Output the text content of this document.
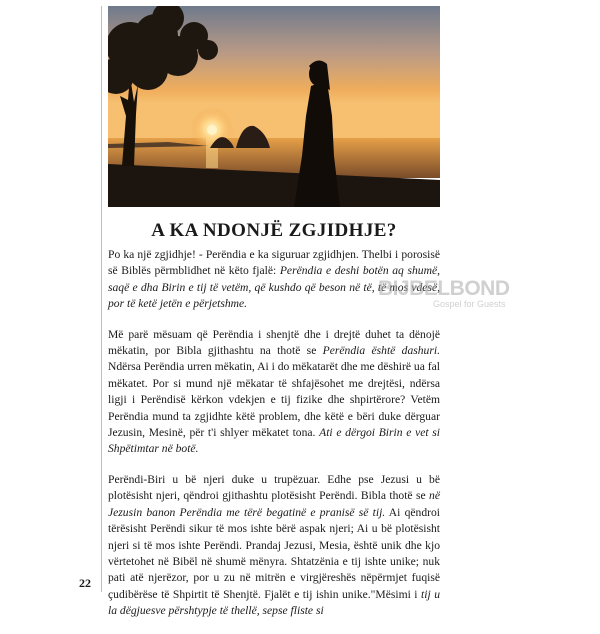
A KA NDONJË ZGJIDHJE?

Po ka një zgjidhje! - Perëndia e ka siguruar zgjidhjen. Thelbi i porosisë së Biblës përmblidhet në këto fjalë: Perëndia e deshi botën aq shumë, saqë e dha Birin e tij të vetëm, që kushdo që beson në të, të mos vdesë, por të ketë jetën e përjetshme.

Më parë mësuam që Perëndia i shenjtë dhe i drejtë duhet ta dënojë mëkatin, por Bibla gjithashtu na thotë se Perëndia është dashuri. Ndërsa Perëndia urren mëkatin, Ai i do mëkatarët dhe me dëshirë ua fal mëkatet. Por si mund një mëkatar të shfajësohet me drejtësi, ndërsa ligji i Perëndisë kërkon vdekjen e tij fizike dhe shpirtërore? Vetëm Perëndia mund ta zgjidhte këtë problem, dhe këtë e bëri duke dërguar Jezusin, Mesinë, për t'i shlyer mëkatet tona. Ati e dërgoi Birin e vet si Shpëtimtar në botë.

Perëndi-Biri u bë njeri duke u trupëzuar. Edhe pse Jezusi u bë plotësisht njeri, qëndroi gjithashtu plotësisht Perëndi. Bibla thotë se në Jezusin banon Perëndia me tërë begatinë e pranisë së tij. Ai qëndroi tërësisht Perëndi sikur të mos ishte bërë aspak njeri; Ai u bë plotësisht njeri si të mos ishte Perëndi. Prandaj Jezusi, Mesia, është unik dhe kjo vërtetohet në Bibël në shumë mënyra. Shtatzënia e tij ishte unike; nuk pati atë njerëzor, por u zu në mitrën e virgjëreshës nëpërmjet fuqisë çudibërëse të Shpirtit të Shenjtë. Fjalët e tij ishin unike."Mësimi i tij u la dëgjuesve përshtypje të thellë, sepse fliste si

BIJBELBOND
Gospel for Guests
22
